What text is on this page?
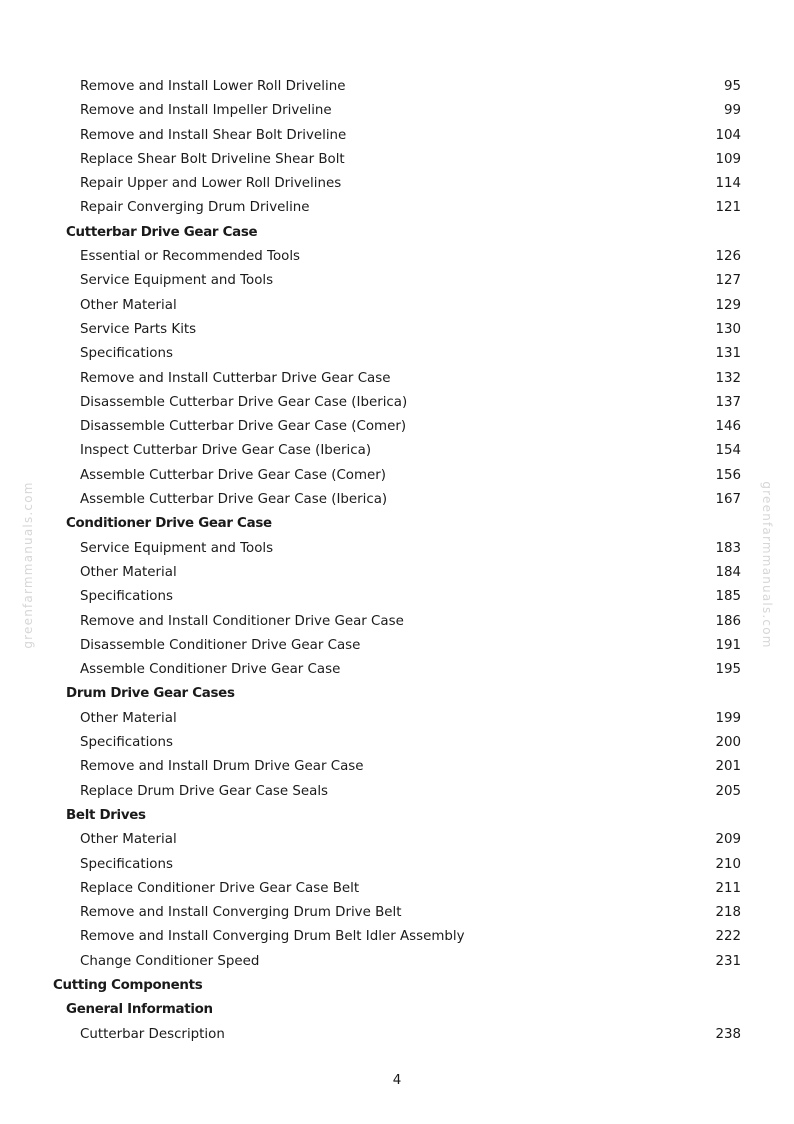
Remove and Install Lower Roll Driveline	95
Remove and Install Impeller Driveline	99
Remove and Install Shear Bolt Driveline	104
Replace Shear Bolt Driveline Shear Bolt	109
Repair Upper and Lower Roll Drivelines	114
Repair Converging Drum Driveline	121
Cutterbar Drive Gear Case
Essential or Recommended Tools	126
Service Equipment and Tools	127
Other Material	129
Service Parts Kits	130
Specifications	131
Remove and Install Cutterbar Drive Gear Case	132
Disassemble Cutterbar Drive Gear Case (Iberica)	137
Disassemble Cutterbar Drive Gear Case (Comer)	146
Inspect Cutterbar Drive Gear Case (Iberica)	154
Assemble Cutterbar Drive Gear Case (Comer)	156
Assemble Cutterbar Drive Gear Case (Iberica)	167
Conditioner Drive Gear Case
Service Equipment and Tools	183
Other Material	184
Specifications	185
Remove and Install Conditioner Drive Gear Case	186
Disassemble Conditioner Drive Gear Case	191
Assemble Conditioner Drive Gear Case	195
Drum Drive Gear Cases
Other Material	199
Specifications	200
Remove and Install Drum Drive Gear Case	201
Replace Drum Drive Gear Case Seals	205
Belt Drives
Other Material	209
Specifications	210
Replace Conditioner Drive Gear Case Belt	211
Remove and Install Converging Drum Drive Belt	218
Remove and Install Converging Drum Belt Idler Assembly	222
Change Conditioner Speed	231
Cutting Components
General Information
Cutterbar Description	238
greenfarmmanuals.com	greenfarmmanuals.com
4
